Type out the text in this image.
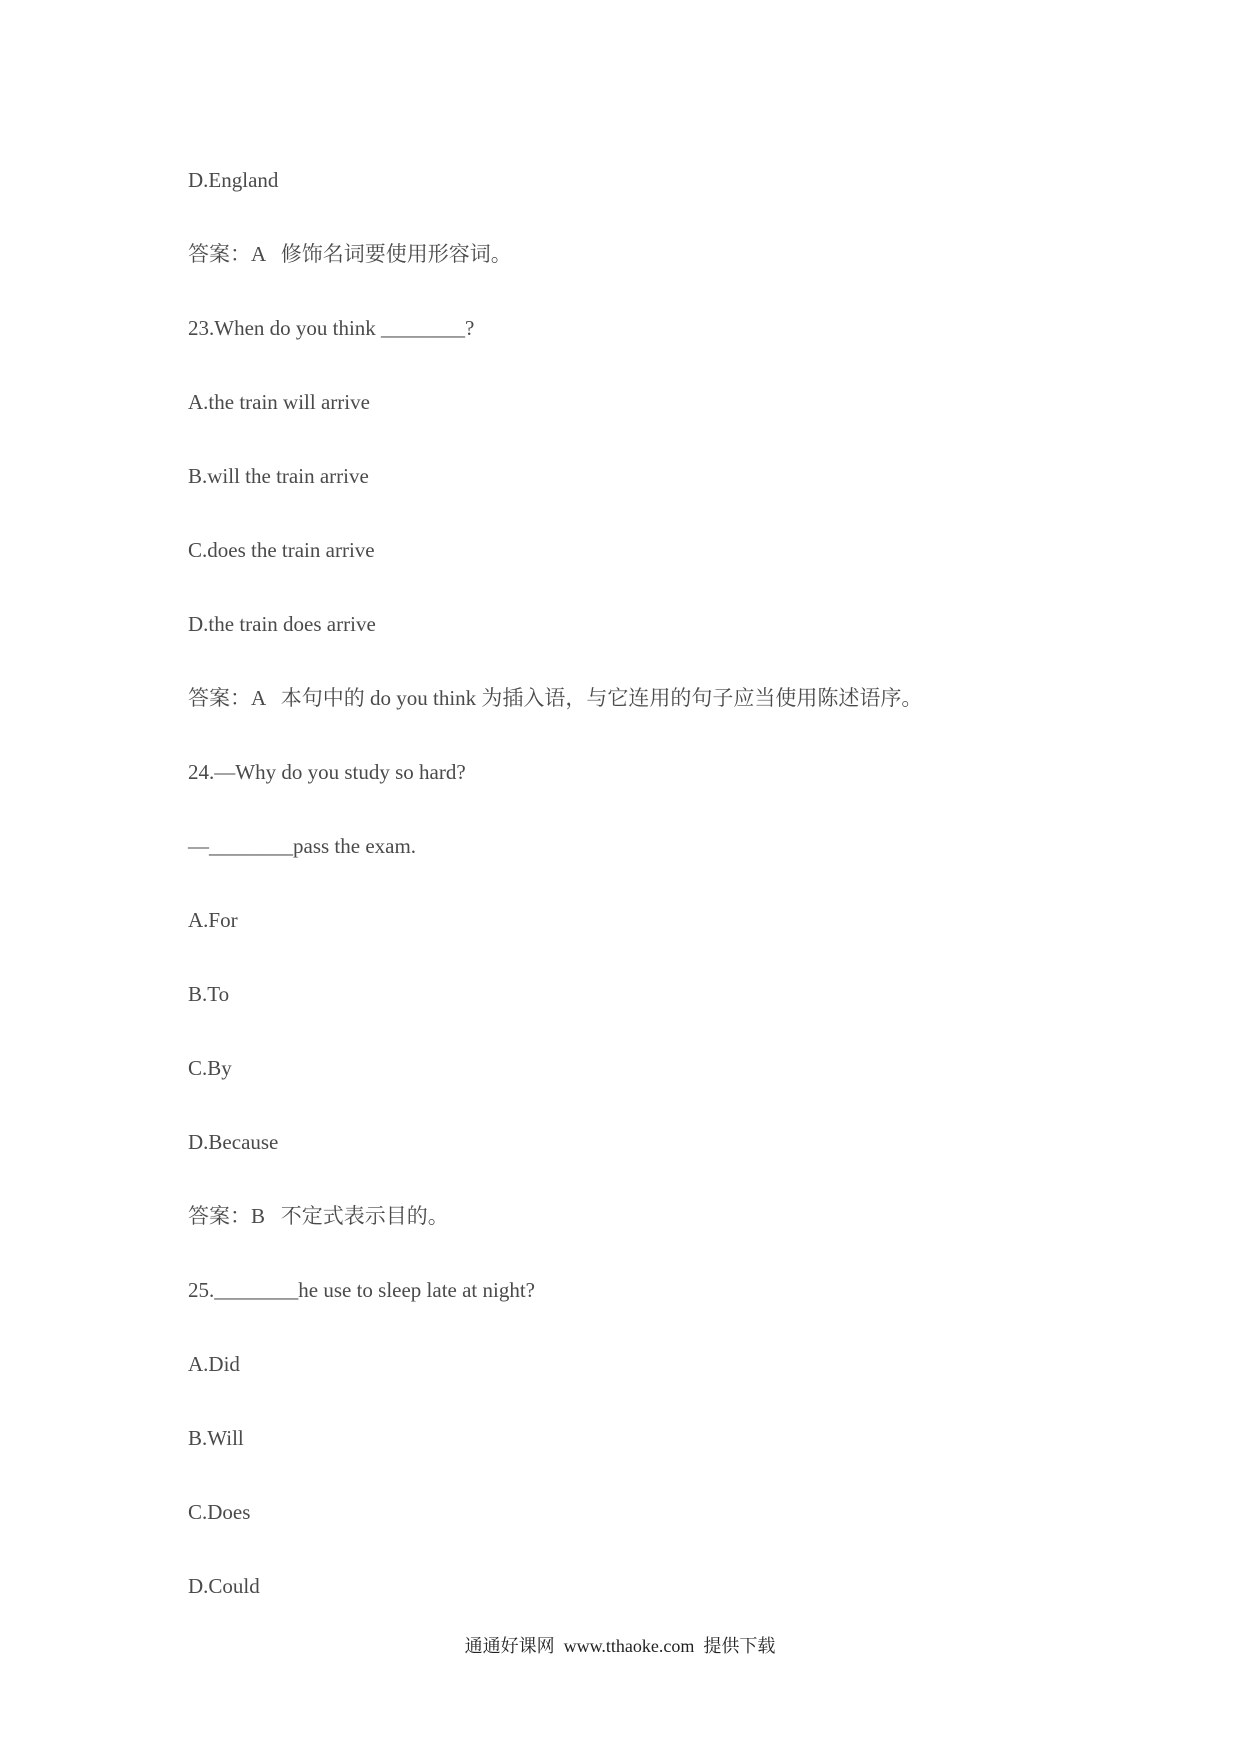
D.England
答案：A   修饰名词要使用形容词。
23.When do you think ________?
A.the train will arrive
B.will the train arrive
C.does the train arrive
D.the train does arrive
答案：A   本句中的 do you think 为插入语，与它连用的句子应当使用陈述语序。
24.—Why do you study so hard?
—________pass the exam.
A.For
B.To
C.By
D.Because
答案：B   不定式表示目的。
25.________he use to sleep late at night?
A.Did
B.Will
C.Does
D.Could
通通好课网  www.tthaoke.com  提供下载
